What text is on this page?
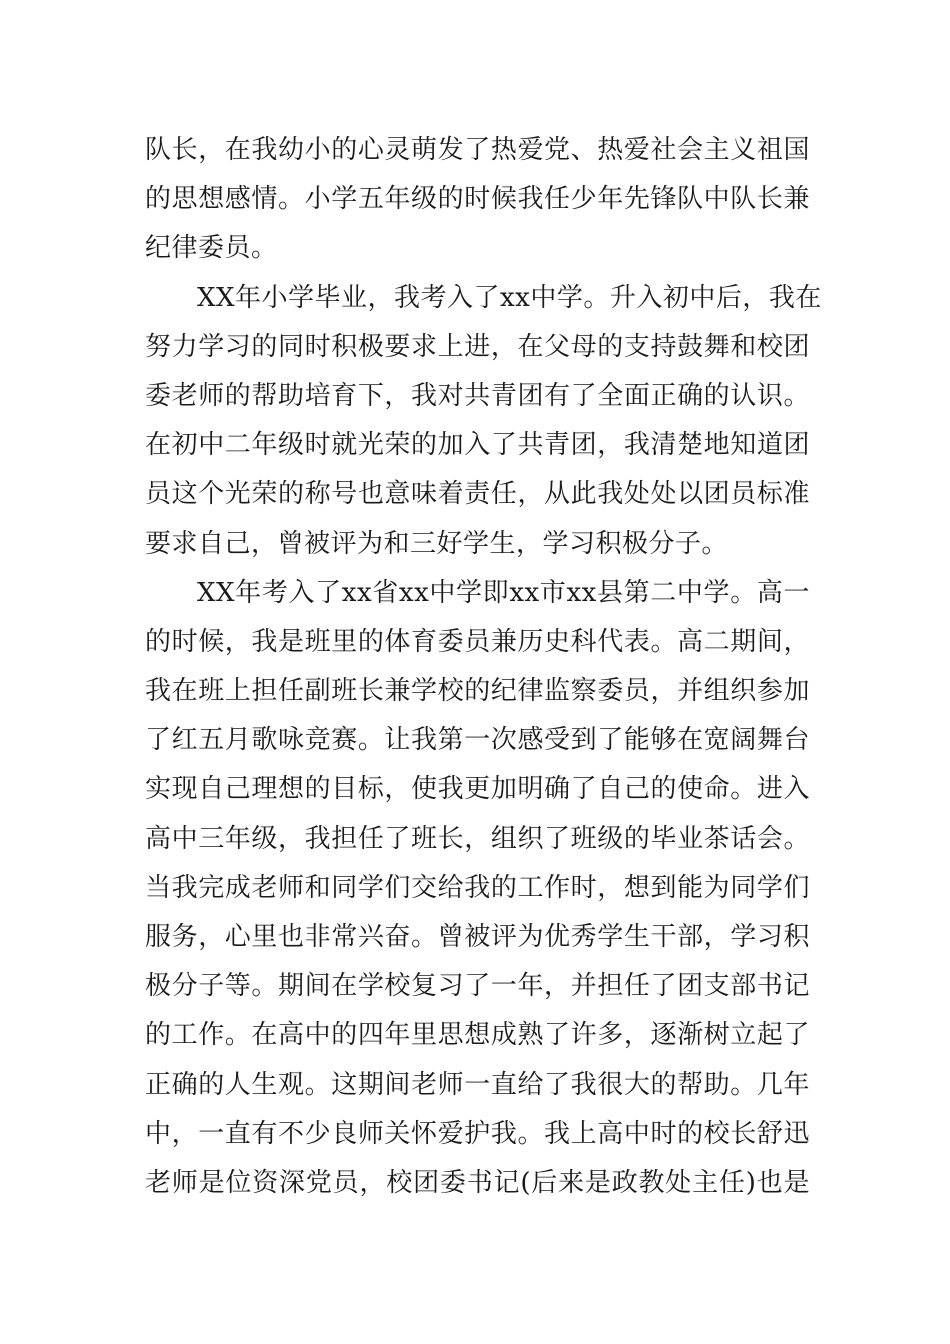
队长，在我幼小的心灵萌发了热爱党、热爱社会主义祖国
的思想感情。小学五年级的时候我任少年先锋队中队长兼
纪律委员。
XX年小学毕业，我考入了xx中学。升入初中后，我在
努力学习的同时积极要求上进，在父母的支持鼓舞和校团
委老师的帮助培育下，我对共青团有了全面正确的认识。
在初中二年级时就光荣的加入了共青团，我清楚地知道团
员这个光荣的称号也意味着责任，从此我处处以团员标准
要求自己，曾被评为和三好学生，学习积极分子。
XX年考入了xx省xx中学即xx市xx县第二中学。高一
的时候，我是班里的体育委员兼历史科代表。高二期间，
我在班上担任副班长兼学校的纪律监察委员，并组织参加
了红五月歌咏竞赛。让我第一次感受到了能够在宽阔舞台
实现自己理想的目标，使我更加明确了自己的使命。进入
高中三年级，我担任了班长，组织了班级的毕业茶话会。
当我完成老师和同学们交给我的工作时，想到能为同学们
服务，心里也非常兴奋。曾被评为优秀学生干部，学习积
极分子等。期间在学校复习了一年，并担任了团支部书记
的工作。在高中的四年里思想成熟了许多，逐渐树立起了
正确的人生观。这期间老师一直给了我很大的帮助。几年
中，一直有不少良师关怀爱护我。我上高中时的校长舒迅
老师是位资深党员，校团委书记(后来是政教处主任)也是
